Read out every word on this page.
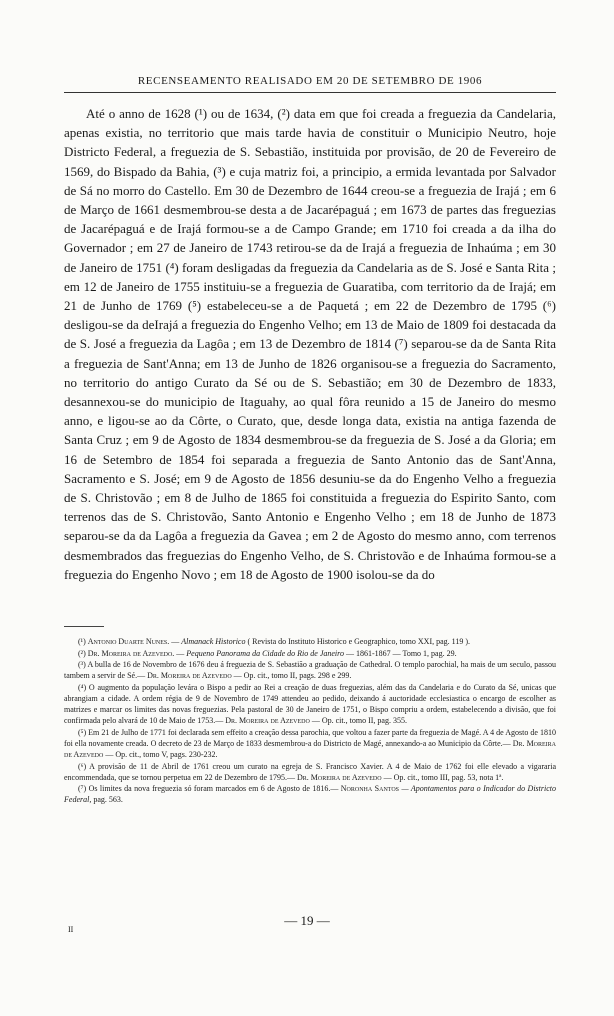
RECENSEAMENTO REALISADO EM 20 DE SETEMBRO DE 1906

Até o anno de 1628 (¹) ou de 1634, (²) data em que foi creada a freguezia da Candelaria, apenas existia, no territorio que mais tarde havia de constituir o Municipio Neutro, hoje Districto Federal, a freguezia de S. Sebastião, instituida por provisão, de 20 de Fevereiro de 1569, do Bispado da Bahia, (³) e cuja matriz foi, a principio, a ermida levantada por Salvador de Sá no morro do Castello. Em 30 de Dezembro de 1644 creou-se a freguezia de Irajá ; em 6 de Março de 1661 desmembrou-se desta a de Jacarépaguá ; em 1673 de partes das freguezias de Jacarépaguá e de Irajá formou-se a de Campo Grande; em 1710 foi creada a da ilha do Governador ; em 27 de Janeiro de 1743 retirou-se da de Irajá a freguezia de Inhaúma ; em 30 de Janeiro de 1751 (⁴) foram desligadas da freguezia da Candelaria as de S. José e Santa Rita ; em 12 de Janeiro de 1755 instituiu-se a freguezia de Guaratiba, com territorio da de Irajá; em 21 de Junho de 1769 (⁵) estabeleceu-se a de Paquetá ; em 22 de Dezembro de 1795 (⁶) desligou-se da deIrajá a freguezia do Engenho Velho; em 13 de Maio de 1809 foi destacada da de S. José a freguezia da Lagôa ; em 13 de Dezembro de 1814 (⁷) separou-se da de Santa Rita a freguezia de Sant'Anna; em 13 de Junho de 1826 organisou-se a freguezia do Sacramento, no territorio do antigo Curato da Sé ou de S. Sebastião; em 30 de Dezembro de 1833, desannexou-se do municipio de Itaguahy, ao qual fôra reunido a 15 de Janeiro do mesmo anno, e ligou-se ao da Côrte, o Curato, que, desde longa data, existia na antiga fazenda de Santa Cruz ; em 9 de Agosto de 1834 desmembrou-se da freguezia de S. José a da Gloria; em 16 de Setembro de 1854 foi separada a freguezia de Santo Antonio das de Sant'Anna, Sacramento e S. José; em 9 de Agosto de 1856 desuniu-se da do Engenho Velho a freguezia de S. Christovão ; em 8 de Julho de 1865 foi constituida a freguezia do Espirito Santo, com terrenos das de S. Christovão, Santo Antonio e Engenho Velho ; em 18 de Junho de 1873 separou-se da da Lagôa a freguezia da Gavea ; em 2 de Agosto do mesmo anno, com terrenos desmembrados das freguezias do Engenho Velho, de S. Christovão e de Inhaúma formou-se a freguezia do Engenho Novo ; em 18 de Agosto de 1900 isolou-se da do

(¹) Antonio Duarte Nunes. — Almanack Historico ( Revista do Instituto Historico e Geographico, tomo XXI, pag. 119 ).

(²) Dr. Moreira de Azevedo. — Pequeno Panorama da Cidade do Rio de Janeiro — 1861-1867 — Tomo 1, pag. 29.

(³) A bulla de 16 de Novembro de 1676 deu á freguezia de S. Sebastião a graduação de Cathedral. O templo parochial, ha mais de um seculo, passou tambem a servir de Sé.— Dr. Moreira de Azevedo — Op. cit., tomo II, pags. 298 e 299.

(⁴) O augmento da população levára o Bispo a pedir ao Rei a creação de duas freguezias, além das da Candelaria e do Curato da Sé, unicas que abrangiam a cidade. A ordem régia de 9 de Novembro de 1749 attendeu ao pedido, deixando á auctoridade ecclesiastica o encargo de escolher as matrizes e marcar os limites das novas freguezias. Pela pastoral de 30 de Janeiro de 1751, o Bispo compriu a ordem, estabelecendo a divisão, que foi confirmada pelo alvará de 10 de Maio de 1753.— Dr. Moreira de Azevedo — Op. cit., tomo II, pag. 355.

(⁵) Em 21 de Julho de 1771 foi declarada sem effeito a creação dessa parochia, que voltou a fazer parte da freguezia de Magé. A 4 de Agosto de 1810 foi ella novamente creada. O decreto de 23 de Março de 1833 desmembrou-a do Districto de Magé, annexando-a ao Municipio da Côrte.— Dr. Moreira de Azevedo — Op. cit., tomo V, pags. 230-232.

(⁶) A provisão de 11 de Abril de 1761 creou um curato na egreja de S. Francisco Xavier. A 4 de Maio de 1762 foi elle elevado a vigararia encommendada, que se tornou perpetua em 22 de Dezembro de 1795.— Dr. Moreira de Azevedo — Op. cit., tomo III, pag. 53, nota 1ª.

(⁷) Os limites da nova freguezia só foram marcados em 6 de Agosto de 1816.— Noronha Santos — Apontamentos para o Indicador do Districto Federal, pag. 563.

— 19 —
II
